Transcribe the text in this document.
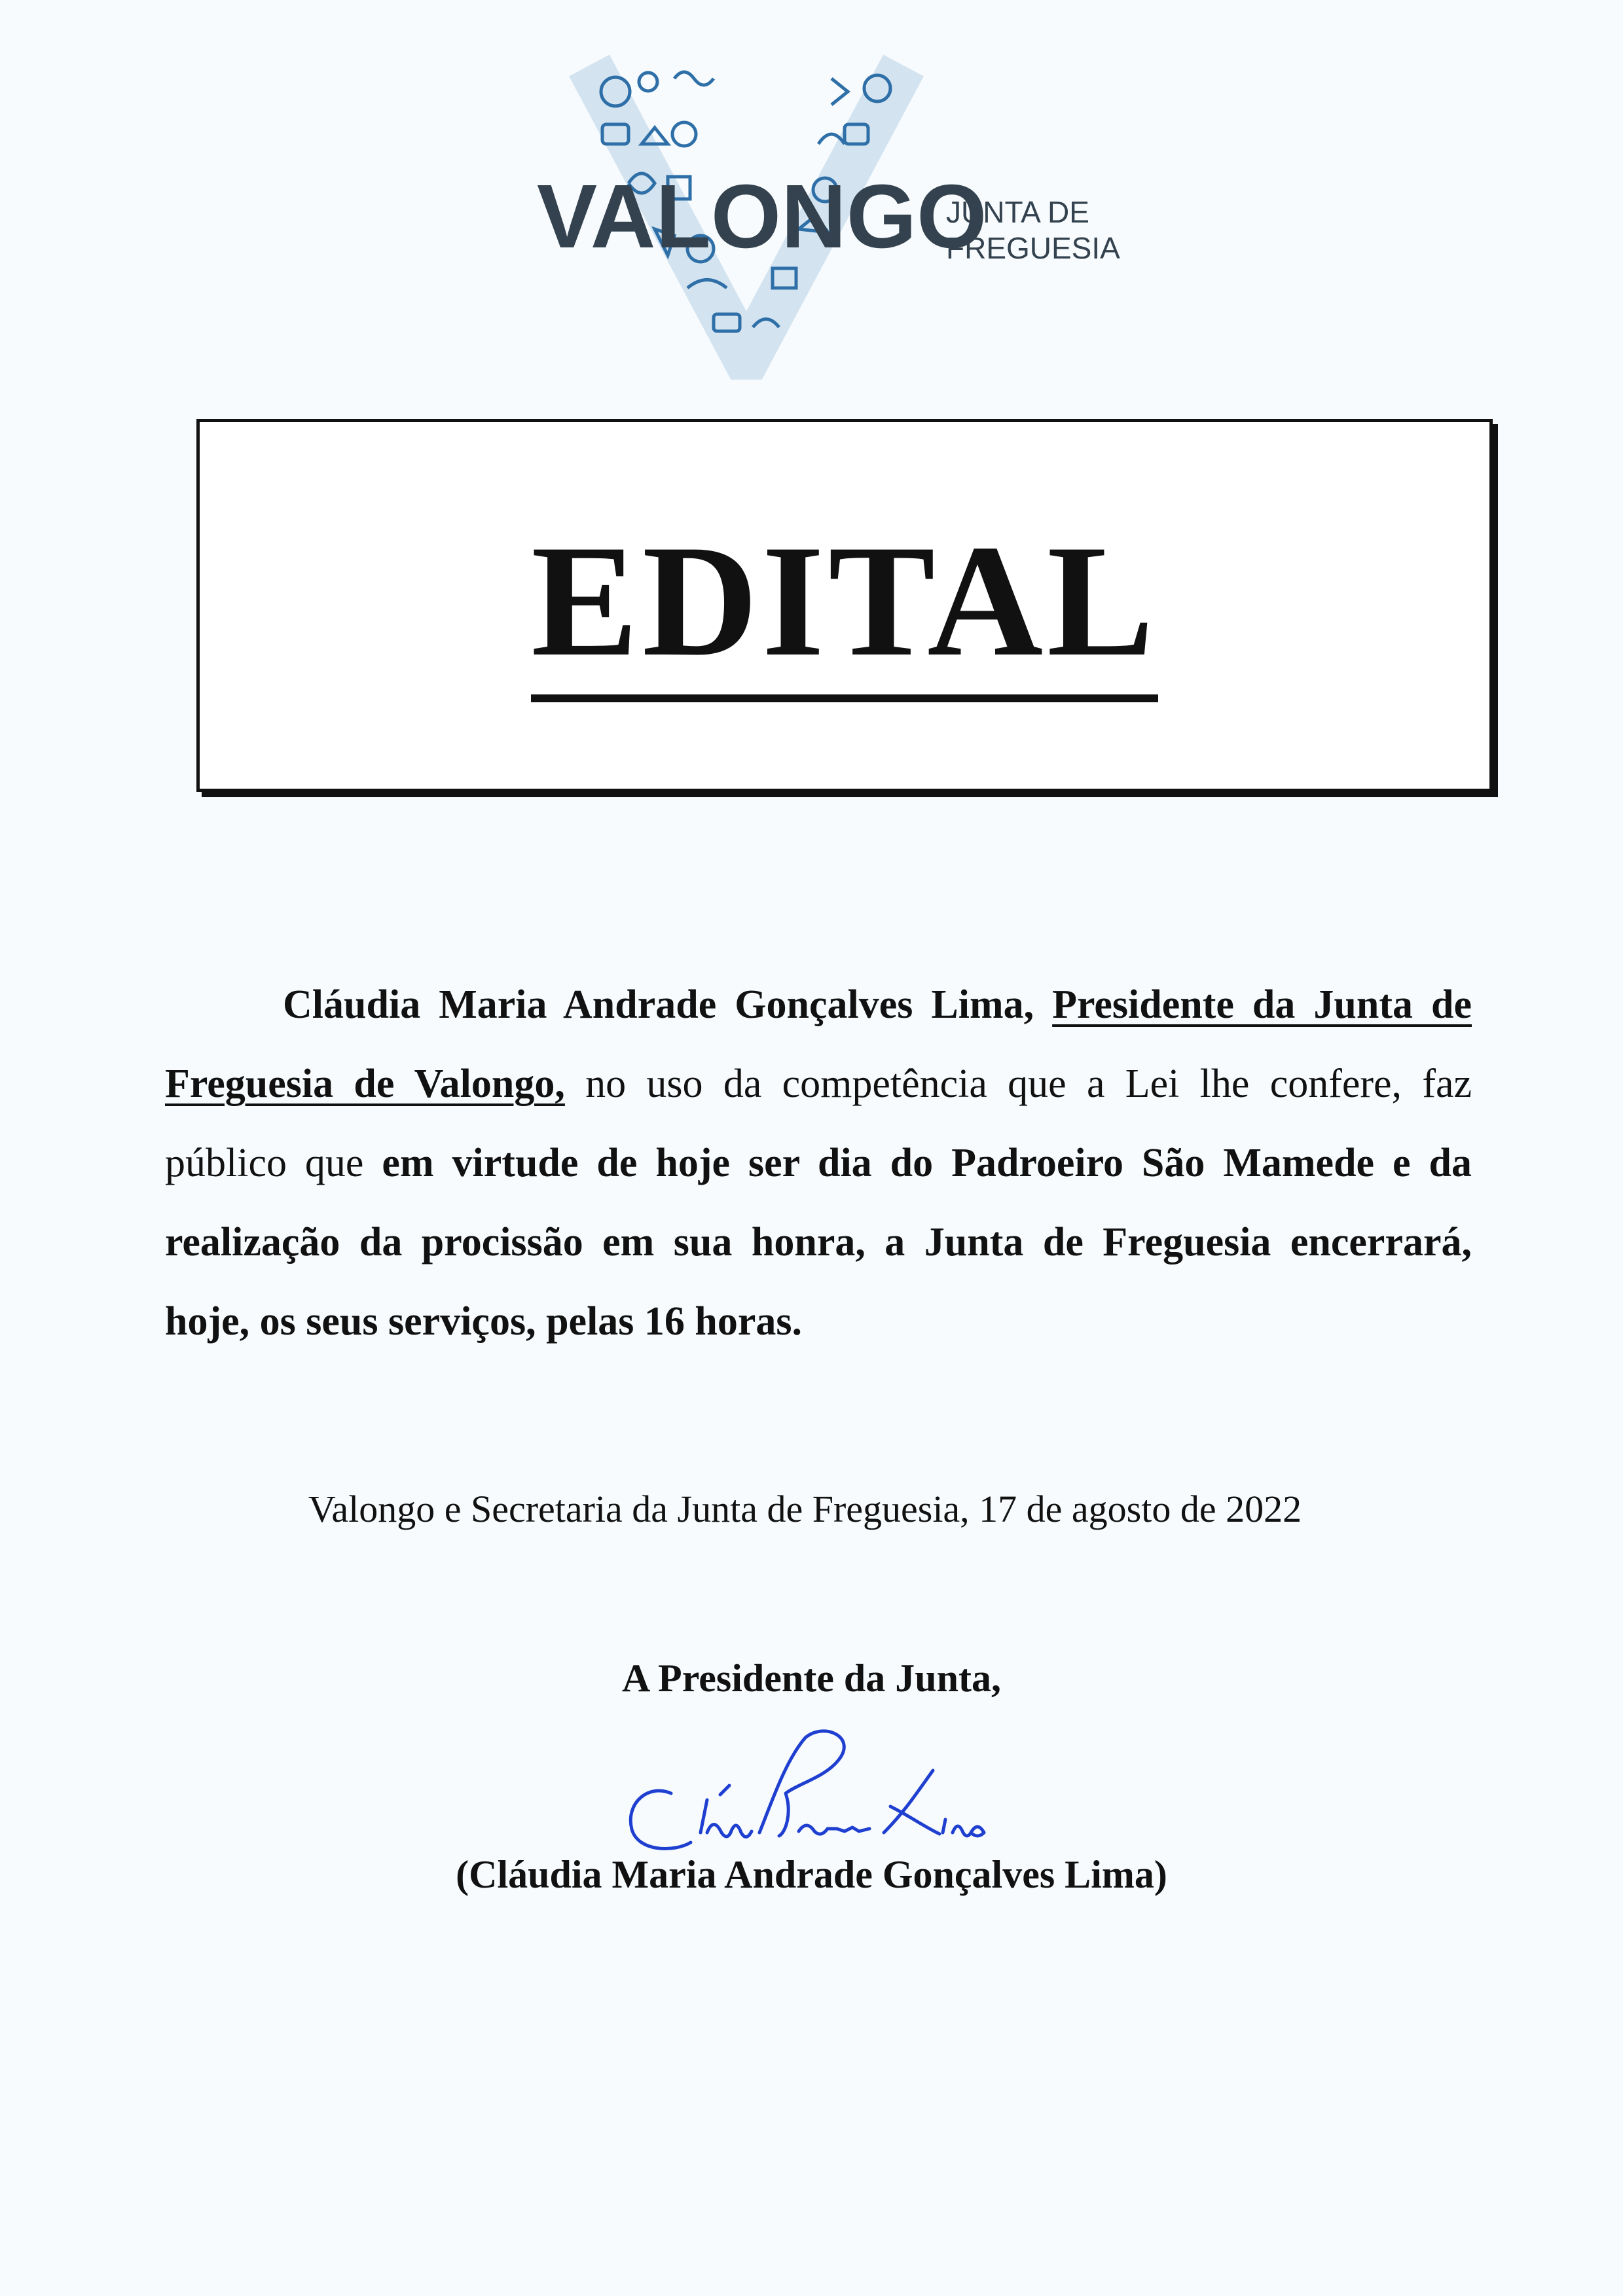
VALONGO
JUNTA DE
FREGUESIA
EDITAL
Cláudia Maria Andrade Gonçalves Lima, Presidente da Junta de Freguesia de Valongo, no uso da competência que a Lei lhe confere, faz público que em virtude de hoje ser dia do Padroeiro São Mamede e da realização da procissão em sua honra, a Junta de Freguesia encerrará, hoje, os seus serviços, pelas 16 horas.
Valongo e Secretaria da Junta de Freguesia, 17 de agosto de 2022
A Presidente da Junta,
(Cláudia Maria Andrade Gonçalves Lima)
